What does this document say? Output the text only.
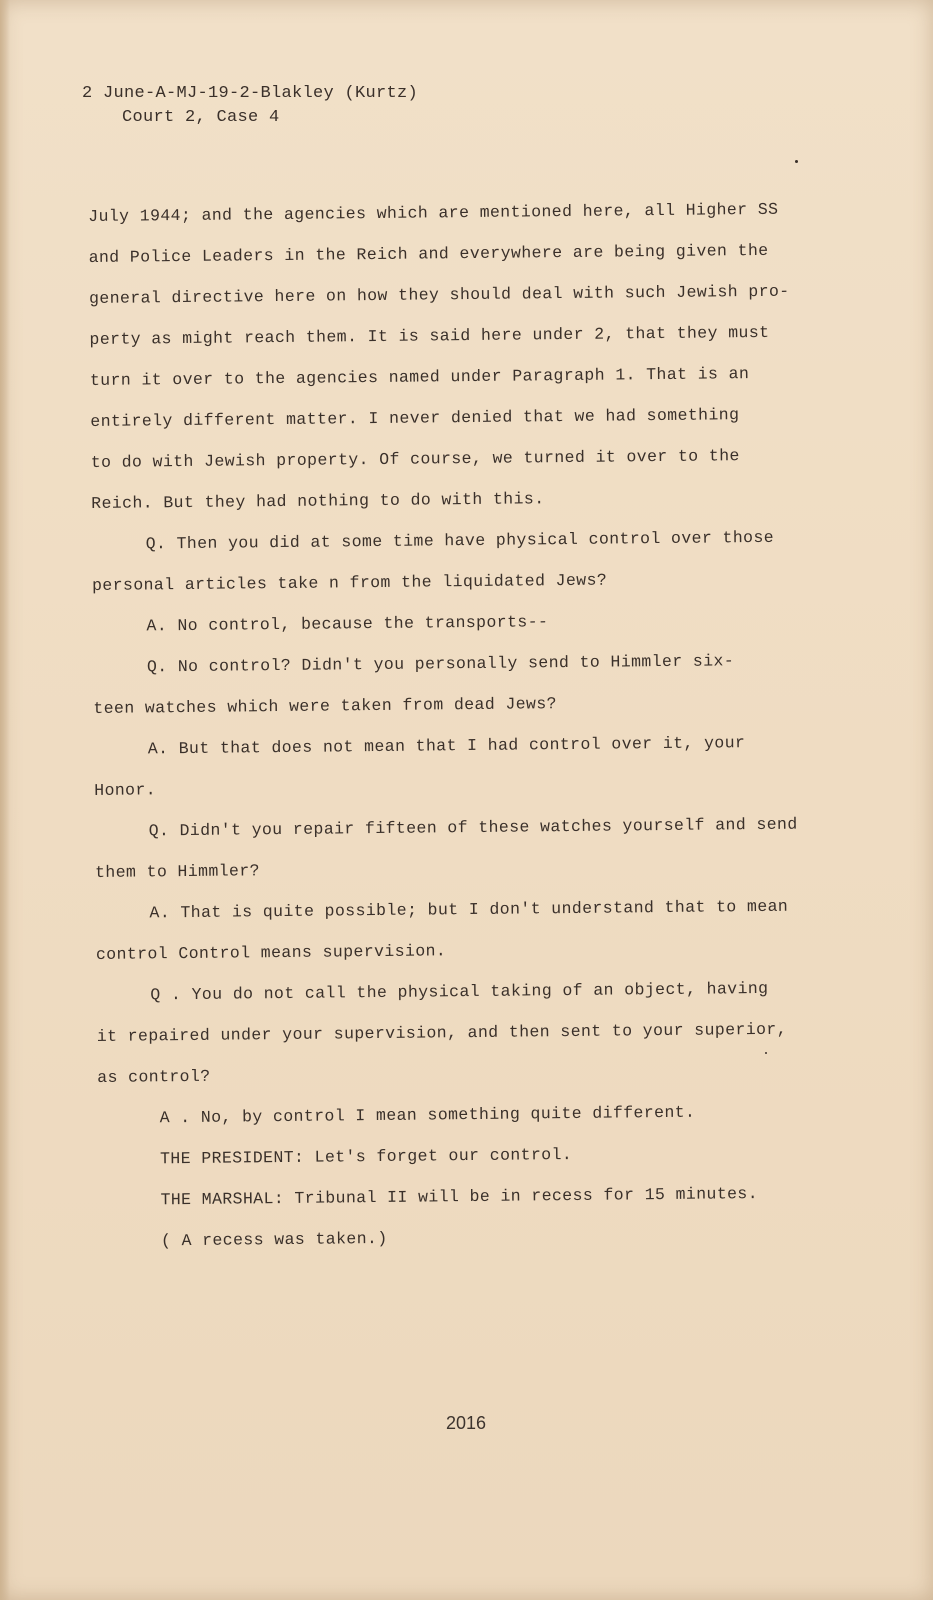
2 June-A-MJ-19-2-Blakley (Kurtz)
Court 2, Case 4

July 1944; and the agencies which are mentioned here, all Higher SS

and Police Leaders in the Reich and everywhere are being given the

general directive here on how they should deal with such Jewish pro-

perty as might reach them. It is said here under 2, that they must

turn it over to the agencies named under Paragraph 1. That is an

entirely different matter. I never denied that we had something

to do with Jewish property. Of course, we turned it over to the

Reich. But they had nothing to do with this.

Q. Then you did at some time have physical control over those

personal articles take n from the liquidated Jews?

A. No control, because the transports--

Q. No control? Didn't you personally send to Himmler six-

teen watches which were taken from dead Jews?

A. But that does not mean that I had control over it, your

Honor.

Q. Didn't you repair fifteen of these watches yourself and send

them to Himmler?

A. That is quite possible; but I don't understand that to mean

control Control means supervision.

Q . You do not call the physical taking of an object, having

it repaired under your supervision, and then sent to your superior,

as control?

A . No, by control I mean something quite different.

THE PRESIDENT: Let's forget our control.

THE MARSHAL: Tribunal II will be in recess for 15 minutes.

( A recess was taken.)

2016
